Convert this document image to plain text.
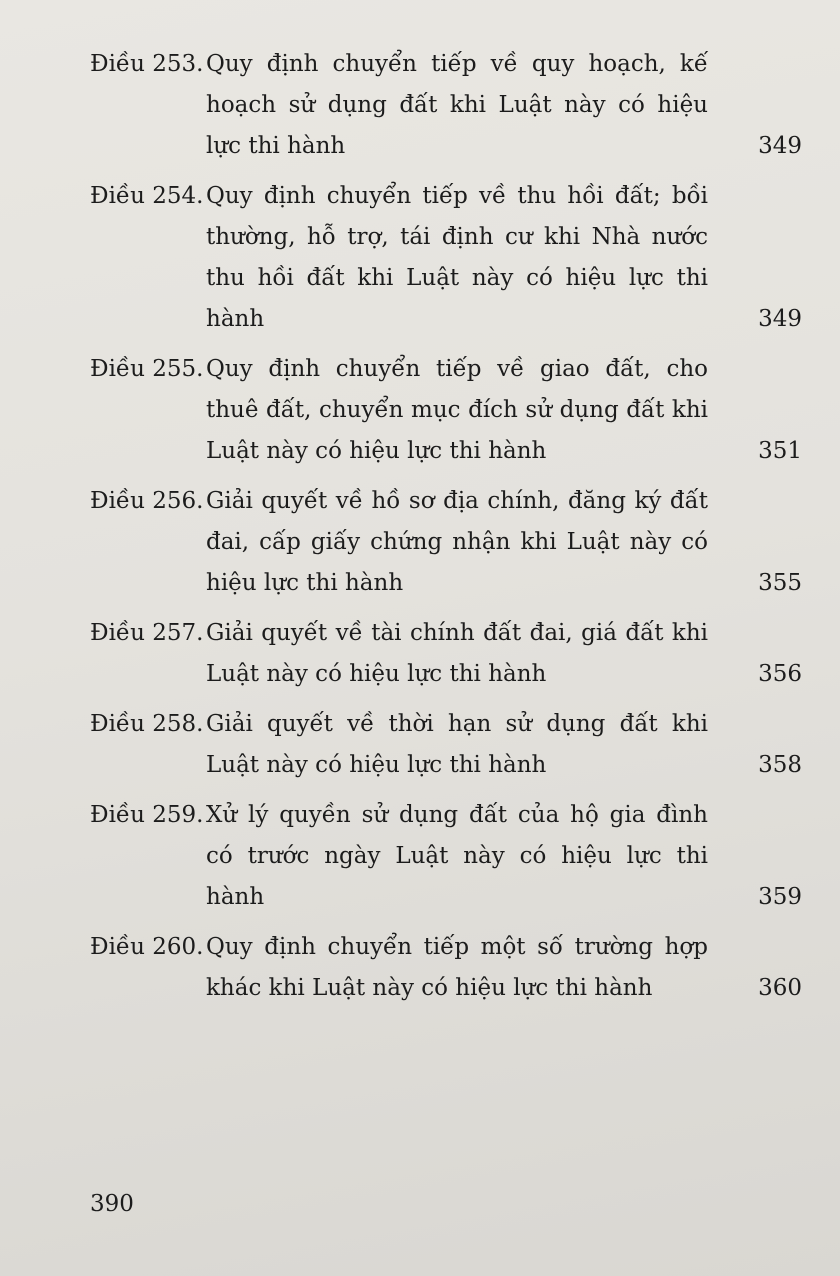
Điều 253. Quy định chuyển tiếp về quy hoạch, kế hoạch sử dụng đất khi Luật này có hiệu lực thi hành	349
Điều 254. Quy định chuyển tiếp về thu hồi đất; bồi thường, hỗ trợ, tái định cư khi Nhà nước thu hồi đất khi Luật này có hiệu lực thi hành	349
Điều 255. Quy định chuyển tiếp về giao đất, cho thuê đất, chuyển mục đích sử dụng đất khi Luật này có hiệu lực thi hành	351
Điều 256. Giải quyết về hồ sơ địa chính, đăng ký đất đai, cấp giấy chứng nhận khi Luật này có hiệu lực thi hành	355
Điều 257. Giải quyết về tài chính đất đai, giá đất khi Luật này có hiệu lực thi hành	356
Điều 258. Giải quyết về thời hạn sử dụng đất khi Luật này có hiệu lực thi hành	358
Điều 259. Xử lý quyền sử dụng đất của hộ gia đình có trước ngày Luật này có hiệu lực thi hành	359
Điều 260. Quy định chuyển tiếp một số trường hợp khác khi Luật này có hiệu lực thi hành	360
390
